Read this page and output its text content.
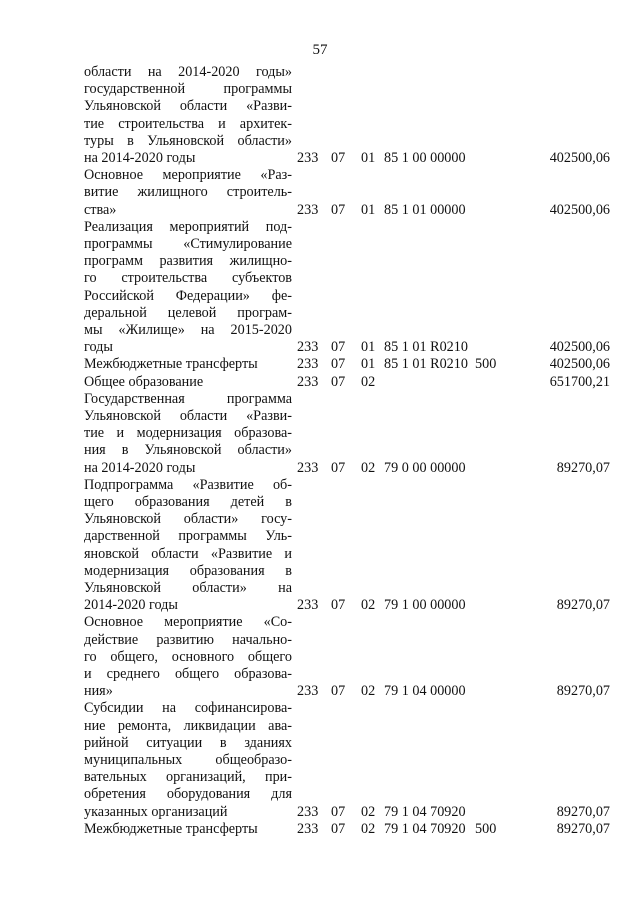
57
области на 2014-2020 годы»
государственной программы
Ульяновской области «Разви-
тие строительства и архитек-
туры в Ульяновской области»
на 2014-2020 годы	233 07 01 85 1 00 00000	402500,06
Основное мероприятие «Раз-
витие жилищного строитель-
ства»	233 07 01 85 1 01 00000	402500,06
Реализация мероприятий под-
программы «Стимулирование
программ развития жилищно-
го строительства субъектов
Российской Федерации» фе-
деральной целевой програм-
мы «Жилище» на 2015-2020
годы	233 07 01 85 1 01 R0210	402500,06
Межбюджетные трансферты	233 07 01 85 1 01 R0210 500	402500,06
Общее образование	233 07 02	651700,21
Государственная программа
Ульяновской области «Разви-
тие и модернизация образова-
ния в Ульяновской области»
на 2014-2020 годы	233 07 02 79 0 00 00000	89270,07
Подпрограмма «Развитие об-
щего образования детей в
Ульяновской области» госу-
дарственной программы Уль-
яновской области «Развитие и
модернизация образования в
Ульяновской области» на
2014-2020 годы	233 07 02 79 1 00 00000	89270,07
Основное мероприятие «Со-
действие развитию начально-
го общего, основного общего
и среднего общего образова-
ния»	233 07 02 79 1 04 00000	89270,07
Субсидии на софинансирова-
ние ремонта, ликвидации ава-
рийной ситуации в зданиях
муниципальных общеобразо-
вательных организаций, при-
обретения оборудования для
указанных организаций	233 07 02 79 1 04 70920	89270,07
Межбюджетные трансферты	233 07 02 79 1 04 70920 500	89270,07
